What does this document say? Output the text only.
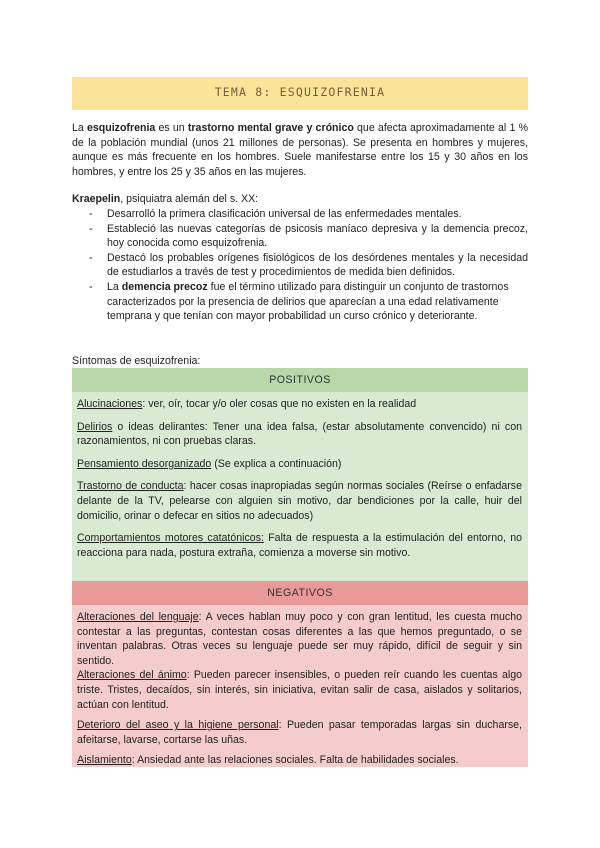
TEMA 8: ESQUIZOFRENIA

La esquizofrenia es un trastorno mental grave y crónico que afecta aproximadamente al 1 % de la población mundial (unos 21 millones de personas). Se presenta en hombres y mujeres, aunque es más frecuente en los hombres. Suele manifestarse entre los 15 y 30 años en los hombres, y entre los 25 y 35 años en las mujeres.

Kraepelin, psiquiatra alemán del s. XX:

- Desarrolló la primera clasificación universal de las enfermedades mentales.
- Estableció las nuevas categorías de psicosis maníaco depresiva y la demencia precoz, hoy conocida como esquizofrenia.
- Destacó los probables orígenes fisiológicos de los desórdenes mentales y la necesidad de estudiarlos a través de test y procedimientos de medida bien definidos.
- La demencia precoz fue el término utilizado para distinguir un conjunto de trastornos caracterizados por la presencia de delirios que aparecían a una edad relativamente temprana y que tenían con mayor probabilidad un curso crónico y deteriorante.

Síntomas de esquizofrenia:

POSITIVOS

Alucinaciones: ver, oír, tocar y/o oler cosas que no existen en la realidad

Delirios o ideas delirantes: Tener una idea falsa, (estar absolutamente convencido) ni con razonamientos, ni con pruebas claras.

Pensamiento desorganizado (Se explica a continuación)

Trastorno de conducta: hacer cosas inapropiadas según normas sociales (Reírse o enfadarse delante de la TV, pelearse con alguien sin motivo, dar bendiciones por la calle, huir del domicilio, orinar o defecar en sitios no adecuados)

Comportamientos motores catatónicos: Falta de respuesta a la estimulación del entorno, no reacciona para nada, postura extraña, comienza a moverse sin motivo.

NEGATIVOS

Alteraciones del lenguaje: A veces hablan muy poco y con gran lentitud, les cuesta mucho contestar a las preguntas, contestan cosas diferentes a las que hemos preguntado, o se inventan palabras. Otras veces su lenguaje puede ser muy rápido, difícil de seguir y sin sentido.

Alteraciones del ánimo: Pueden parecer insensibles, o pueden reír cuando les cuentas algo triste. Tristes, decaídos, sin interés, sin iniciativa, evitan salir de casa, aislados y solitarios, actúan con lentitud.

Deterioro del aseo y la higiene personal: Pueden pasar temporadas largas sin ducharse, afeitarse, lavarse, cortarse las uñas.

Aislamiento: Ansiedad ante las relaciones sociales. Falta de habilidades sociales.
